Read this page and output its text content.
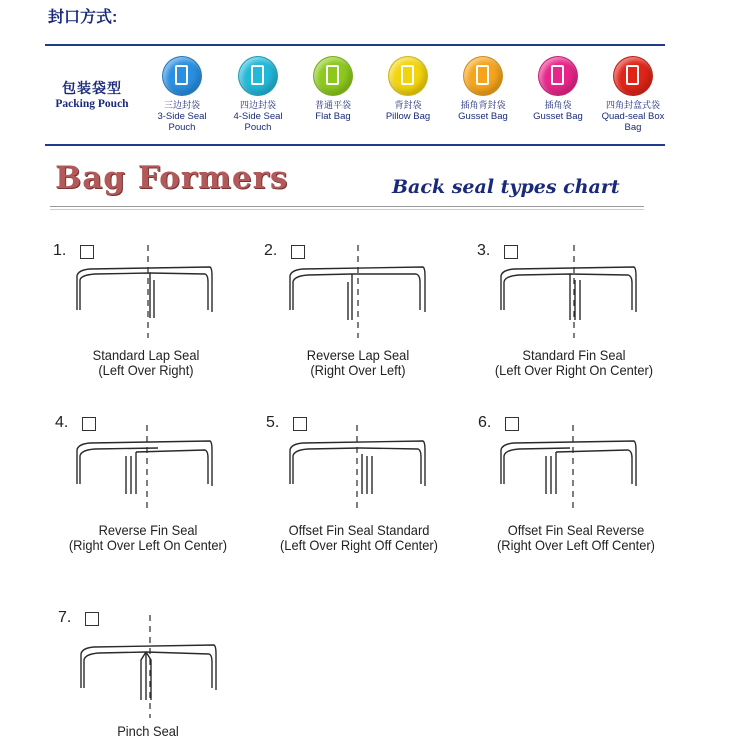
封口方式:
包装袋型
Packing Pouch	三边封袋
3-Side Seal Pouch
四边封袋
4-Side Seal Pouch
普通平袋
Flat Bag
背封袋
Pillow Bag
插角背封袋
Gusset Bag
插角袋
Gusset Bag
四角封盒式袋
Quad-seal Box Bag
Bag Formers	Back seal types chart
1.	2.	3.
4.	5.	6.
7.
Standard Lap Seal
(Left Over Right)
Reverse Lap Seal
(Right Over Left)
Standard Fin Seal
(Left Over Right On Center)
Reverse Fin Seal
(Right Over Left On Center)
Offset Fin Seal Standard
(Left Over Right Off Center)
Offset Fin Seal Reverse
(Right Over Left Off Center)
Pinch Seal
